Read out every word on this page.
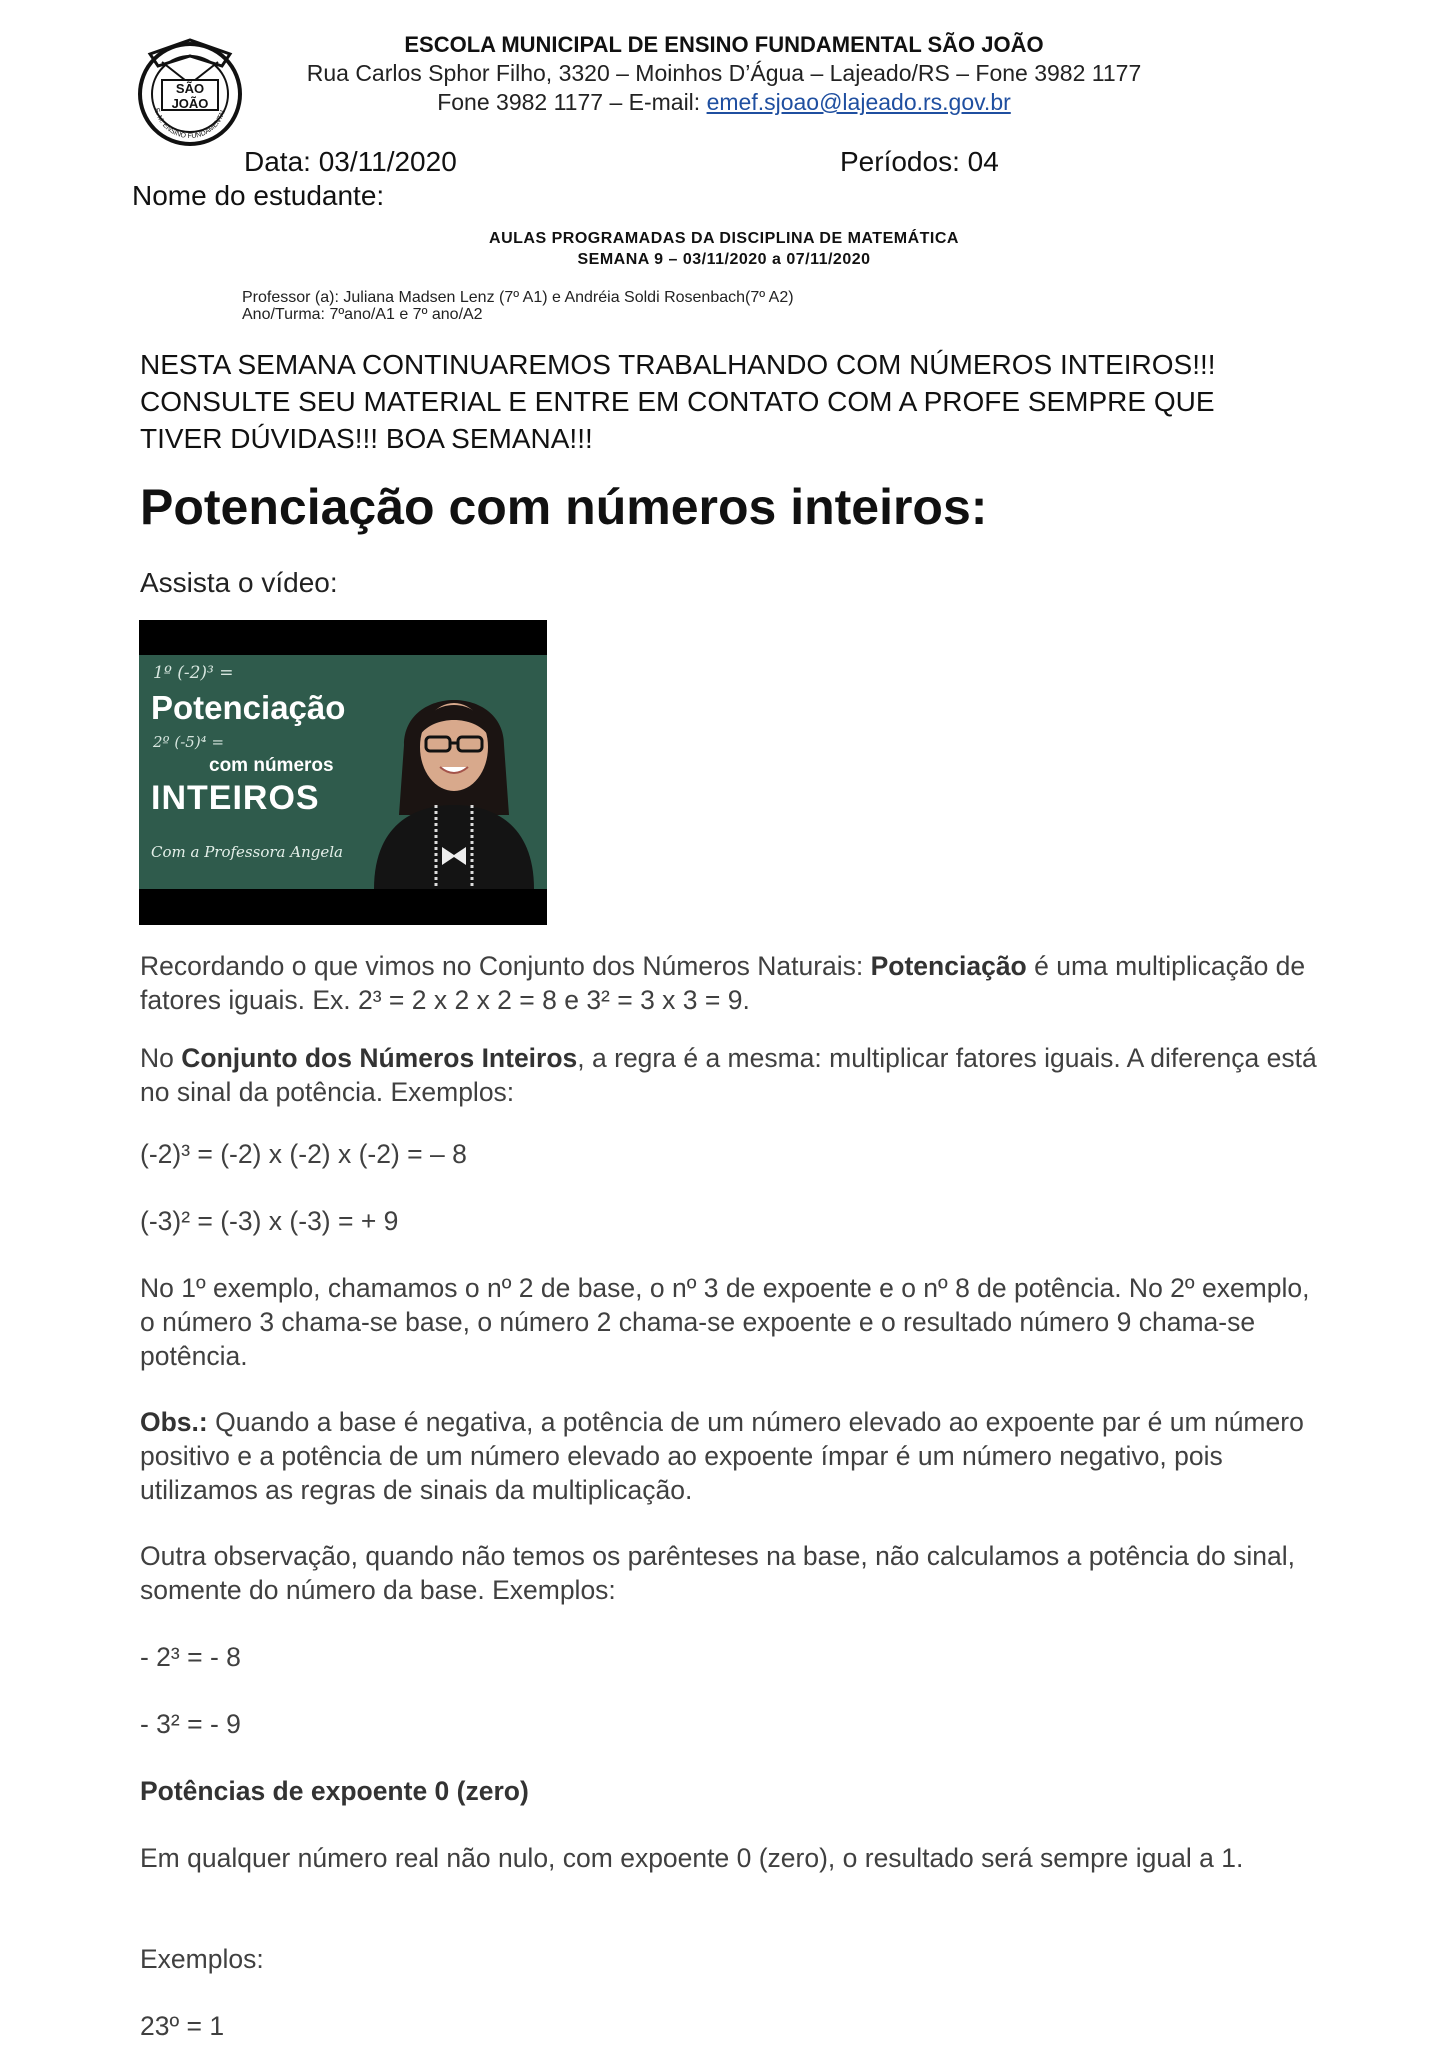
SÃO
JOÃO
E. M. ENSINO FUNDAMENTAL
ESCOLA MUNICIPAL DE ENSINO FUNDAMENTAL SÃO JOÃO
Rua Carlos Sphor Filho, 3320 – Moinhos D’Água – Lajeado/RS – Fone 3982 1177
Fone 3982 1177 – E-mail: emef.sjoao@lajeado.rs.gov.br
Data: 03/11/2020	Períodos: 04
Nome do estudante:
AULAS PROGRAMADAS DA DISCIPLINA DE MATEMÁTICA
SEMANA 9 – 03/11/2020 a 07/11/2020
Professor (a): Juliana Madsen Lenz (7º A1) e Andréia Soldi Rosenbach(7º A2)
Ano/Turma: 7ºano/A1 e 7º ano/A2
NESTA SEMANA CONTINUAREMOS TRABALHANDO COM NÚMEROS INTEIROS!!!
CONSULTE SEU MATERIAL E ENTRE EM CONTATO COM A PROFE SEMPRE QUE
TIVER DÚVIDAS!!! BOA SEMANA!!!
Potenciação com números inteiros:
Assista o vídeo:
1º (-2)³ =
Potenciação
2º (-5)⁴ =
com números
INTEIROS
Com a Professora Angela
Recordando o que vimos no Conjunto dos Números Naturais: Potenciação é uma multiplicação de fatores iguais. Ex. 2³ = 2 x 2 x 2 = 8 e 3² = 3 x 3 = 9.
No Conjunto dos Números Inteiros, a regra é a mesma: multiplicar fatores iguais. A diferença está no sinal da potência. Exemplos:
(-2)³ = (-2) x (-2) x (-2) = – 8
(-3)² = (-3) x (-3) = + 9
No 1º exemplo, chamamos o nº 2 de base, o nº 3 de expoente e o nº 8 de potência. No 2º exemplo, o número 3 chama-se base, o número 2 chama-se expoente e o resultado número 9 chama-se potência.
Obs.: Quando a base é negativa, a potência de um número elevado ao expoente par é um número positivo e a potência de um número elevado ao expoente ímpar é um número negativo, pois utilizamos as regras de sinais da multiplicação.
Outra observação, quando não temos os parênteses na base, não calculamos a potência do sinal, somente do número da base. Exemplos:
- 2³ = - 8
- 3² = - 9
Potências de expoente 0 (zero)
Em qualquer número real não nulo, com expoente 0 (zero), o resultado será sempre igual a 1.
Exemplos:
23º = 1
